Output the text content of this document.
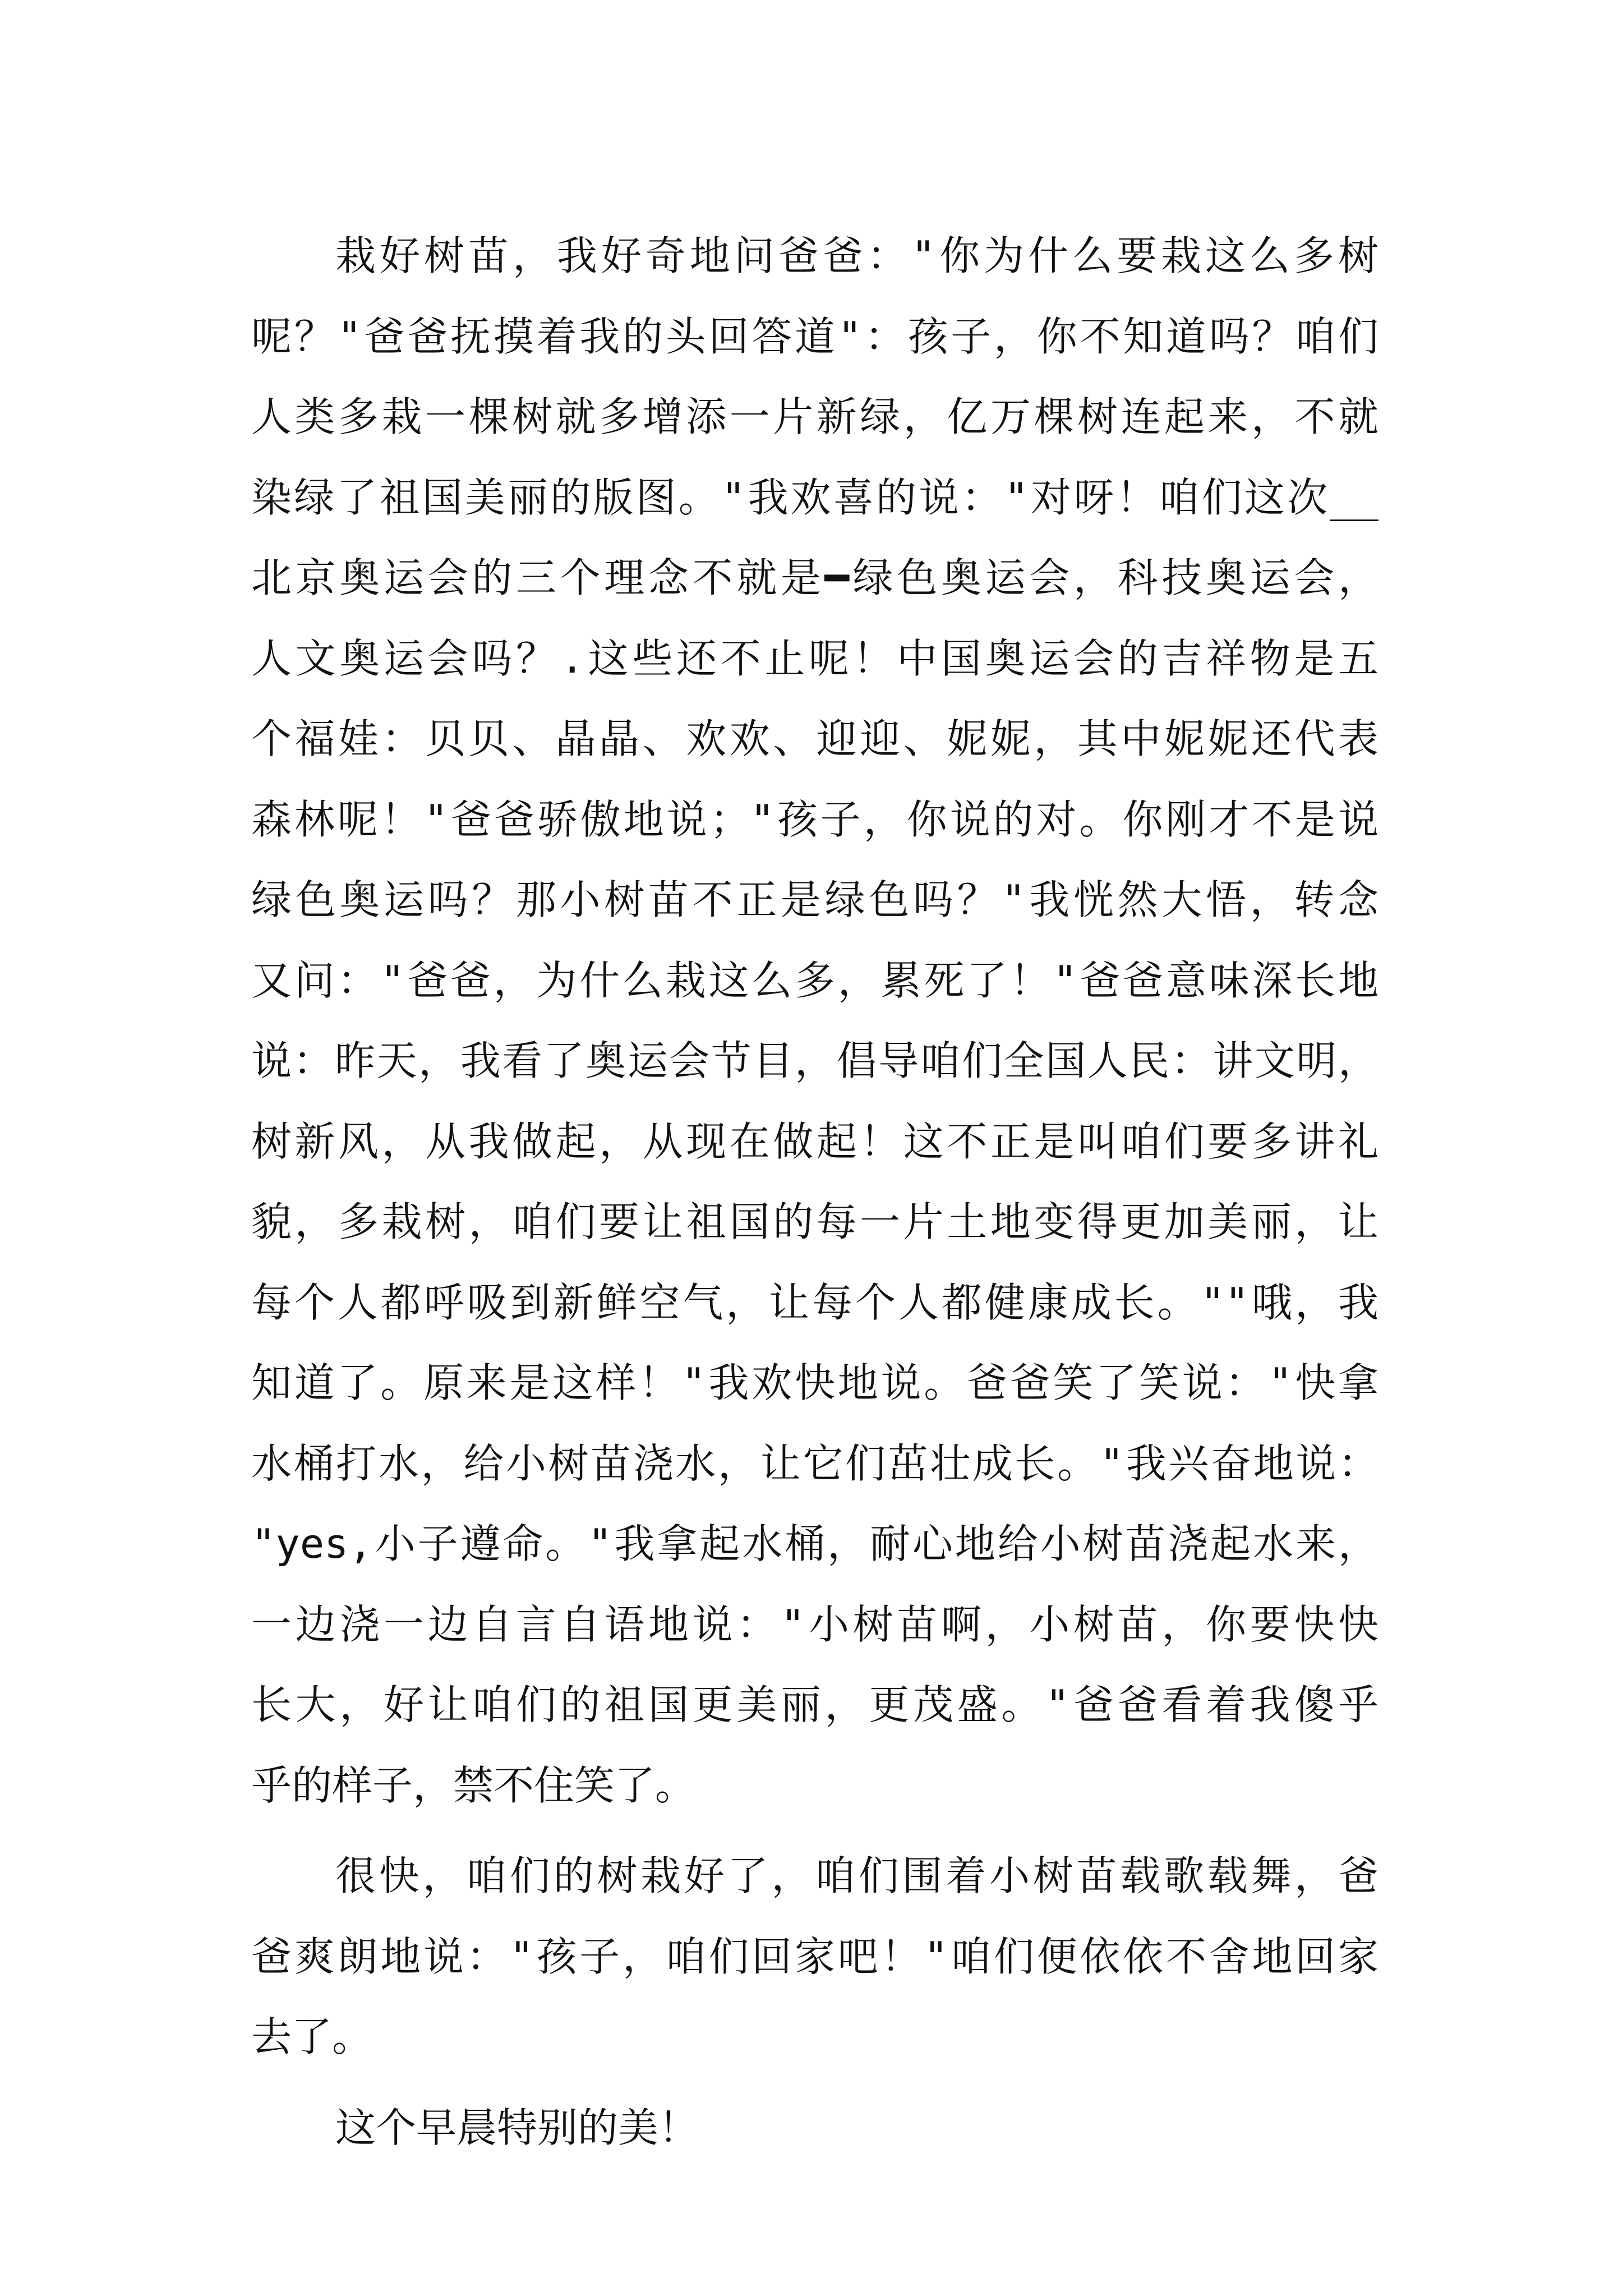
栽好树苗，我好奇地问爸爸："你为什么要栽这么多树
呢？"爸爸抚摸着我的头回答道"：孩子，你不知道吗？咱们
人类多栽一棵树就多增添一片新绿，亿万棵树连起来，不就
染绿了祖国美丽的版图。"我欢喜的说："对呀！咱们这次__
北京奥运会的三个理念不就是━绿色奥运会，科技奥运会，
人文奥运会吗？.这些还不止呢！中国奥运会的吉祥物是五
个福娃：贝贝、晶晶、欢欢、迎迎、妮妮，其中妮妮还代表
森林呢！"爸爸骄傲地说；"孩子，你说的对。你刚才不是说
绿色奥运吗？那小树苗不正是绿色吗？"我恍然大悟，转念
又问："爸爸，为什么栽这么多，累死了！"爸爸意味深长地
说：昨天，我看了奥运会节目，倡导咱们全国人民：讲文明，
树新风，从我做起，从现在做起！这不正是叫咱们要多讲礼
貌，多栽树，咱们要让祖国的每一片土地变得更加美丽，让
每个人都呼吸到新鲜空气，让每个人都健康成长。""哦，我
知道了。原来是这样！"我欢快地说。爸爸笑了笑说："快拿
水桶打水，给小树苗浇水，让它们茁壮成长。"我兴奋地说：
"yes,小子遵命。"我拿起水桶，耐心地给小树苗浇起水来，
一边浇一边自言自语地说："小树苗啊，小树苗，你要快快
长大，好让咱们的祖国更美丽，更茂盛。"爸爸看着我傻乎
乎的样子，禁不住笑了。
很快，咱们的树栽好了，咱们围着小树苗载歌载舞，爸
爸爽朗地说："孩子，咱们回家吧！"咱们便依依不舍地回家
去了。
这个早晨特别的美！
